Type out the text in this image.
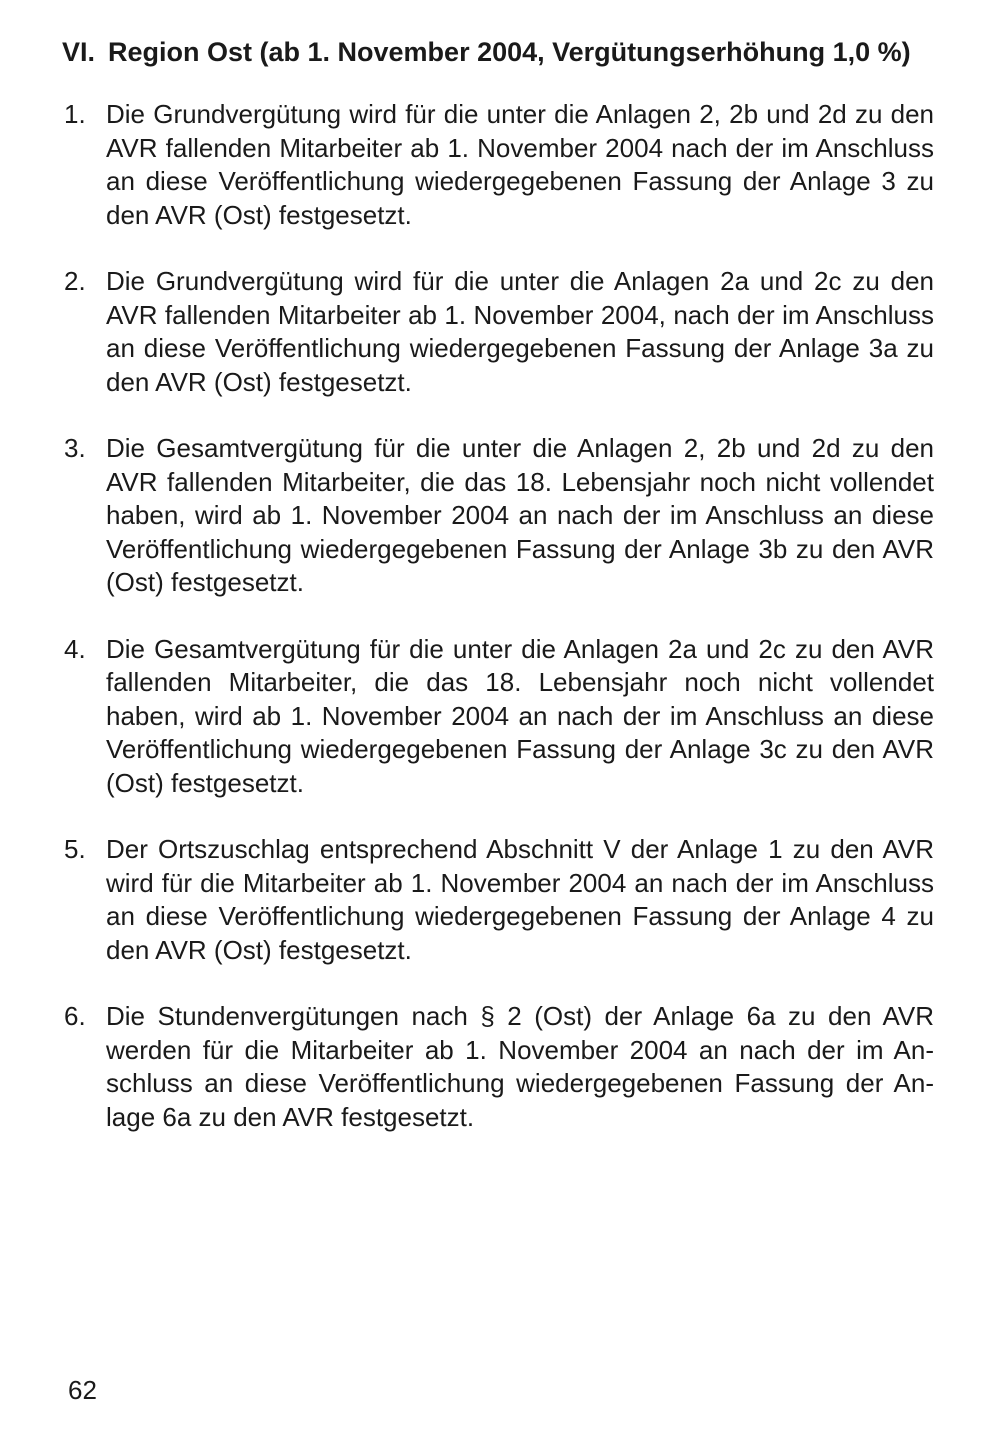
VI. Region Ost (ab 1. November 2004, Vergütungserhöhung 1,0 %)
1. Die Grundvergütung wird für die unter die Anlagen 2, 2b und 2d zu den AVR fallenden Mitarbeiter ab 1. November 2004 nach der im Anschluss an diese Veröffentlichung wiedergegebenen Fassung der Anlage 3 zu den AVR (Ost) festgesetzt.
2. Die Grundvergütung wird für die unter die Anlagen 2a und 2c zu den AVR fallenden Mitarbeiter ab 1. November 2004, nach der im Anschluss an diese Veröffentlichung wiedergegebenen Fassung der Anlage 3a zu den AVR (Ost) festgesetzt.
3. Die Gesamtvergütung für die unter die Anlagen 2, 2b und 2d zu den AVR fallenden Mitarbeiter, die das 18. Lebensjahr noch nicht vollendet haben, wird ab 1. November 2004 an nach der im Anschluss an diese Veröffentlichung wiedergegebenen Fassung der Anlage 3b zu den AVR (Ost) festgesetzt.
4. Die Gesamtvergütung für die unter die Anlagen 2a und 2c zu den AVR fallenden Mitarbeiter, die das 18. Lebensjahr noch nicht vollendet haben, wird ab 1. November 2004 an nach der im Anschluss an diese Veröffentlichung wiedergegebenen Fassung der Anlage 3c zu den AVR (Ost) festgesetzt.
5. Der Ortszuschlag entsprechend Abschnitt V der Anlage 1 zu den AVR wird für die Mitarbeiter ab 1. November 2004 an nach der im Anschluss an diese Veröffentlichung wiedergegebenen Fassung der Anlage 4 zu den AVR (Ost) festgesetzt.
6. Die Stundenvergütungen nach § 2 (Ost) der Anlage 6a zu den AVR werden für die Mitarbeiter ab 1. November 2004 an nach der im Anschluss an diese Veröffentlichung wiedergegebenen Fassung der Anlage 6a zu den AVR festgesetzt.
62
